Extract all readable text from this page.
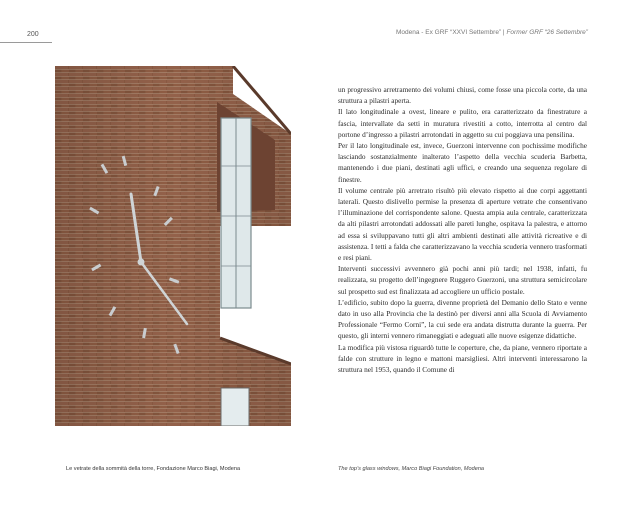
200	Modena - Ex GRF “XXVI Settembre” | Former GRF “26 Settembre”

un progressivo arretramento dei volumi chiusi, come fosse una piccola corte, da una struttura a pilastri aperta.

Il lato longitudinale a ovest, lineare e pulito, era caratterizzato da finestrature a fascia, intervallate da setti in muratura rivestiti a cotto, interrotta al centro dal portone d’ingresso a pilastri arrotondati in aggetto su cui poggiava una pensilina.

Per il lato longitudinale est, invece, Guerzoni intervenne con pochissime modifiche lasciando sostanzialmente inalterato l’aspetto della vecchia scuderia Barbetta, mantenendo i due piani, destinati agli uffici, e creando una sequenza regolare di finestre.

Il volume centrale più arretrato risultò più elevato rispetto ai due corpi aggettanti laterali. Questo dislivello permise la presenza di aperture vetrate che consentivano l’illuminazione del corrispondente salone. Questa ampia aula centrale, caratterizzata da alti pilastri arrotondati addossati alle pareti lunghe, ospitava la palestra, e attorno ad essa si sviluppavano tutti gli altri ambienti destinati alle attività ricreative e di assistenza. I tetti a falda che caratterizzavano la vecchia scuderia vennero trasformati e resi piani.

Interventi successivi avvennero già pochi anni più tardi; nel 1938, infatti, fu realizzata, su progetto dell’ingegnere Ruggero Guerzoni, una struttura semicircolare sul prospetto sud est finalizzata ad accogliere un ufficio postale.

L’edificio, subito dopo la guerra, divenne proprietà del Demanio dello Stato e venne dato in uso alla Provincia che la destinò per diversi anni alla Scuola di Avviamento Professionale “Fermo Corni”, la cui sede era andata distrutta durante la guerra. Per questo, gli interni vennero rimaneggiati e adeguati alle nuove esigenze didattiche.

La modifica più vistosa riguardò tutte le coperture, che, da piane, vennero riportate a falde con strutture in legno e mattoni marsigliesi. Altri interventi interessarono la struttura nel 1953, quando il Comune di

Le vetrate della sommità della torre, Fondazione Marco Biagi, Modena	The top’s glass windows, Marco Biagi Foundation, Modena
